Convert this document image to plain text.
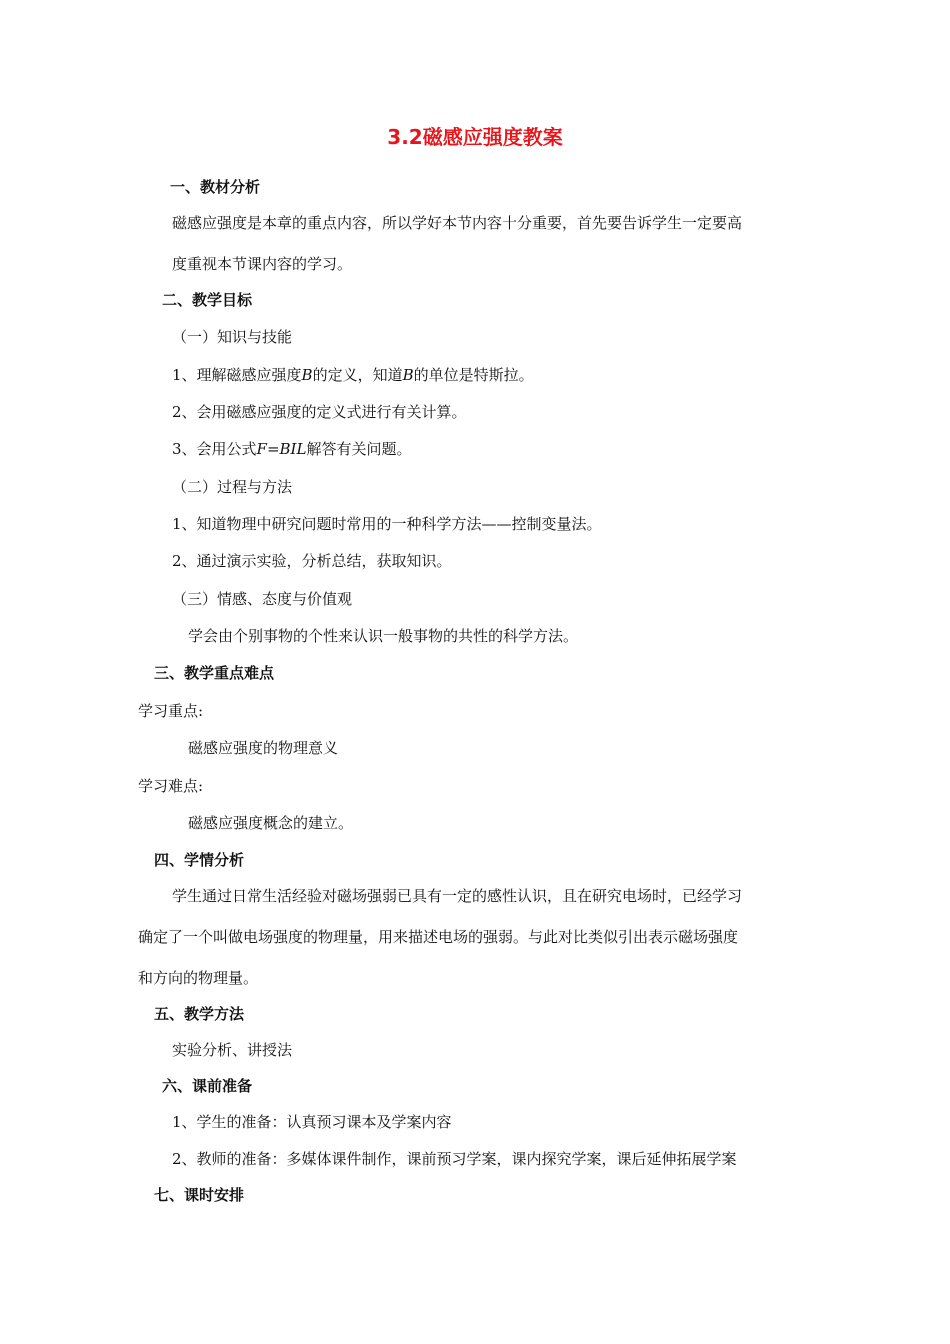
3.2磁感应强度教案
一、教材分析
磁感应强度是本章的重点内容，所以学好本节内容十分重要，首先要告诉学生一定要高
度重视本节课内容的学习。
二、教学目标
（一）知识与技能
1、理解磁感应强度B的定义，知道B的单位是特斯拉。
2、会用磁感应强度的定义式进行有关计算。
3、会用公式F=BIL解答有关问题。
（二）过程与方法
1、知道物理中研究问题时常用的一种科学方法——控制变量法。
2、通过演示实验，分析总结，获取知识。
（三）情感、态度与价值观
学会由个别事物的个性来认识一般事物的共性的科学方法。
三、教学重点难点
学习重点:
磁感应强度的物理意义
学习难点:
磁感应强度概念的建立。
四、学情分析
学生通过日常生活经验对磁场强弱已具有一定的感性认识，且在研究电场时，已经学习
确定了一个叫做电场强度的物理量，用来描述电场的强弱。与此对比类似引出表示磁场强度
和方向的物理量。
五、教学方法
实验分析、讲授法
六、课前准备
1、学生的准备：认真预习课本及学案内容
2、教师的准备：多媒体课件制作，课前预习学案，课内探究学案，课后延伸拓展学案
七、课时安排
